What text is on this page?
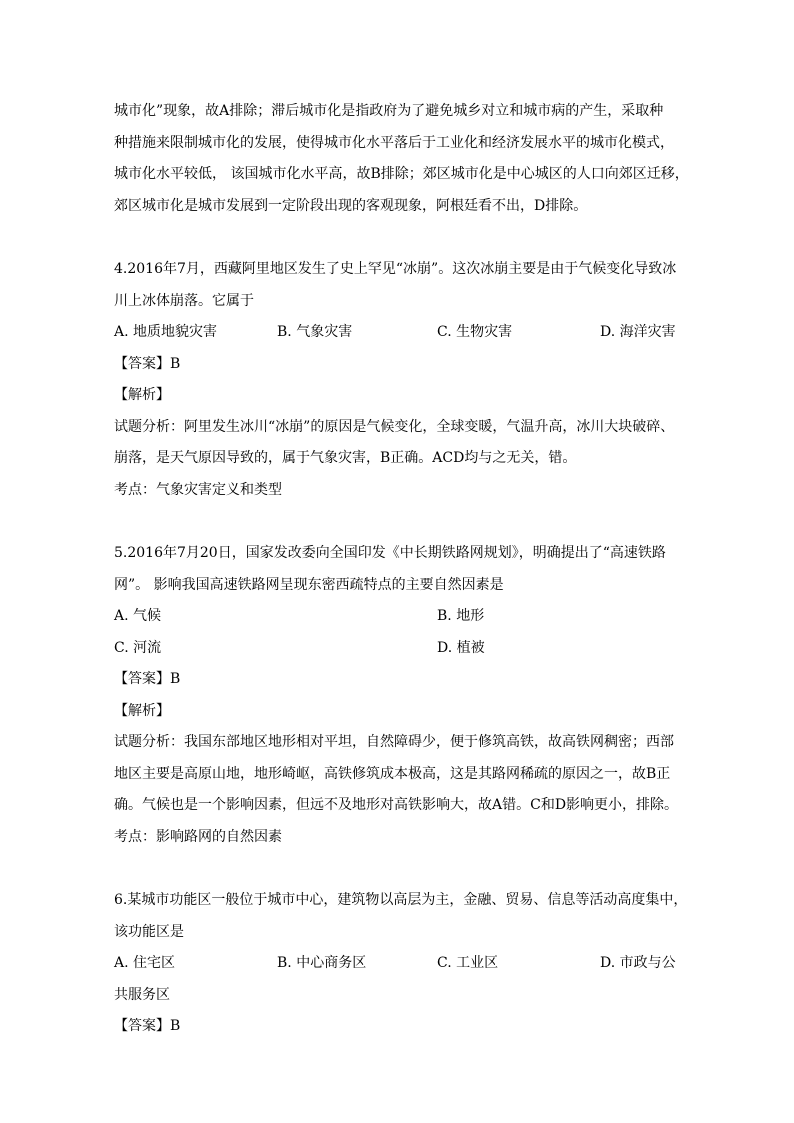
城市化”现象，故A排除；滞后城市化是指政府为了避免城乡对立和城市病的产生，采取种

种措施来限制城市化的发展，使得城市化水平落后于工业化和经济发展水平的城市化模式，

城市化水平较低， 该国城市化水平高，故B排除；郊区城市化是中心城区的人口向郊区迁移，

郊区城市化是城市发展到一定阶段出现的客观现象，阿根廷看不出，D排除。

4.2016年7月，西藏阿里地区发生了史上罕见“冰崩”。这次冰崩主要是由于气候变化导致冰

川上冰体崩落。它属于

A. 地质地貌灾害	B. 气象灾害	C. 生物灾害	D. 海洋灾害

【答案】B

【解析】

试题分析：阿里发生冰川“冰崩”的原因是气候变化，全球变暖，气温升高，冰川大块破碎、

崩落，是天气原因导致的，属于气象灾害，B正确。ACD均与之无关，错。

考点：气象灾害定义和类型

5.2016年7月20日，国家发改委向全国印发《中长期铁路网规划》，明确提出了“高速铁路

网”。 影响我国高速铁路网呈现东密西疏特点的主要自然因素是

A. 气候	B. 地形
C. 河流	D. 植被

【答案】B

【解析】

试题分析：我国东部地区地形相对平坦，自然障碍少，便于修筑高铁，故高铁网稠密；西部

地区主要是高原山地，地形崎岖，高铁修筑成本极高，这是其路网稀疏的原因之一，故B正

确。气候也是一个影响因素，但远不及地形对高铁影响大，故A错。C和D影响更小，排除。

考点：影响路网的自然因素

6.某城市功能区一般位于城市中心，建筑物以高层为主，金融、贸易、信息等活动高度集中，

该功能区是

A. 住宅区	B. 中心商务区	C. 工业区	D. 市政与公

共服务区

【答案】B
